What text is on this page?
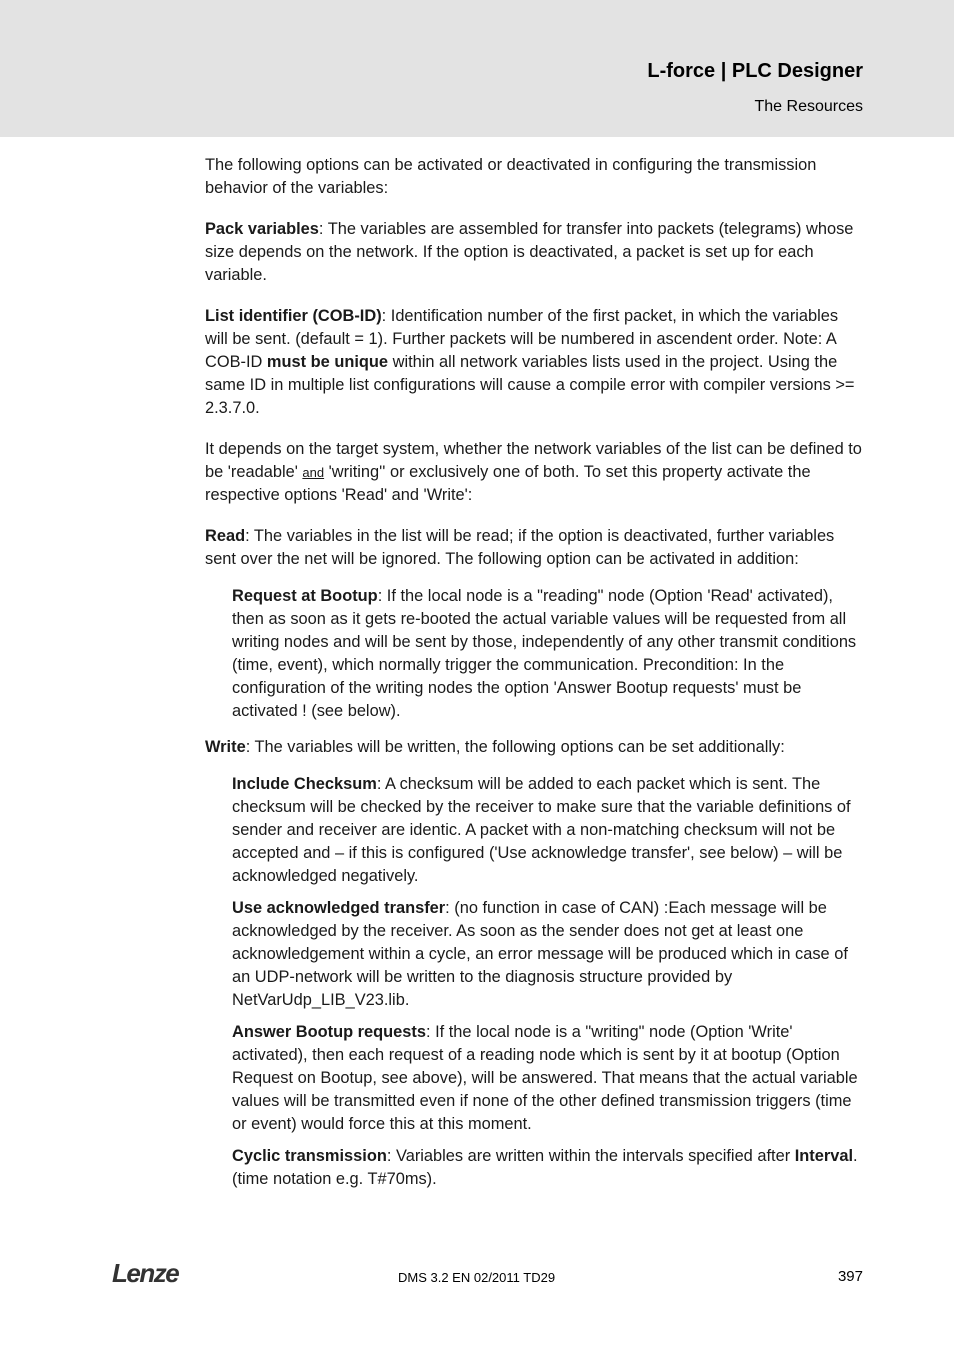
L-force | PLC Designer
The Resources

The following options can be activated or deactivated in configuring the transmission behavior of the variables:

Pack variables: The variables are assembled for transfer into packets (telegrams) whose size depends on the network. If the option is deactivated, a packet is set up for each variable.

List identifier (COB-ID): Identification number of the first packet, in which the variables will be sent. (default = 1). Further packets will be numbered in ascendent order. Note: A COB-ID must be unique within all network variables lists used in the project. Using the same ID in multiple list configurations will cause a compile error with compiler versions >= 2.3.7.0.

It depends on the target system, whether the network variables of the list can be defined to be 'readable' and 'writing'' or exclusively one of both. To set this property activate the respective options 'Read' and 'Write':

Read: The variables in the list will be read; if the option is deactivated, further variables sent over the net will be ignored. The following option can be activated in addition:

Request at Bootup: If the local node is a "reading" node (Option 'Read' activated), then as soon as it gets re-booted the actual variable values will be requested from all writing nodes and will be sent by those, independently of any other transmit conditions (time, event), which normally trigger the communication. Precondition: In the configuration of the writing nodes the option 'Answer Bootup requests' must be activated ! (see below).

Write: The variables will be written, the following options can be set additionally:

Include Checksum: A checksum will be added to each packet which is sent. The checksum will be checked by the receiver to make sure that the variable definitions of sender and receiver are identic. A packet with a non-matching checksum will not be accepted and – if this is configured ('Use acknowledge transfer', see below) – will be acknowledged negatively.

Use acknowledged transfer: (no function in case of CAN) :Each message will be acknowledged by the receiver. As soon as the sender does not get at least one acknowledgement within a cycle, an error message will be produced which in case of an UDP-network will be written to the diagnosis structure provided by NetVarUdp_LIB_V23.lib.

Answer Bootup requests: If the local node is a "writing" node (Option 'Write' activated), then each request of a reading node which is sent by it at bootup (Option Request on Bootup, see above), will be answered. That means that the actual variable values will be transmitted even if none of the other defined transmission triggers (time or event) would force this at this moment.

Cyclic transmission: Variables are written within the intervals specified after Interval. (time notation e.g. T#70ms).

Lenze	DMS 3.2 EN 02/2011 TD29	397
